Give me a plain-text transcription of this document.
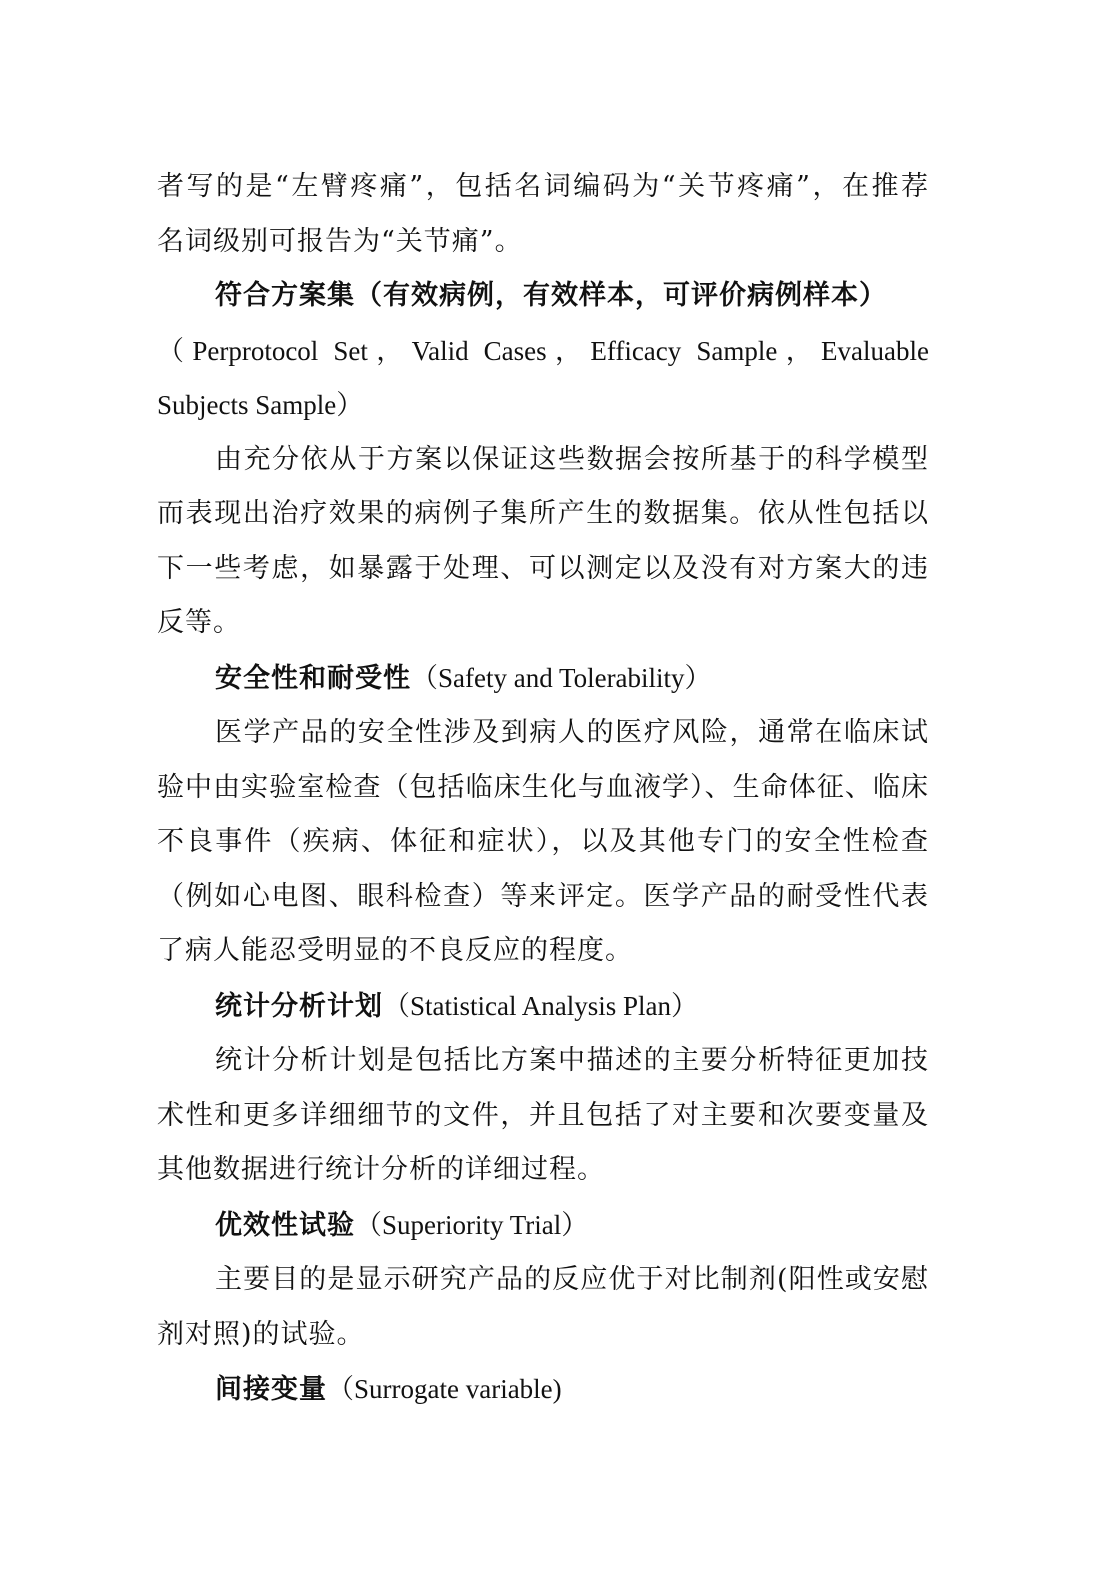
者写的是“左臂疼痛”，包括名词编码为“关节疼痛”，在推荐

名词级别可报告为“关节痛”。

符合方案集（有效病例，有效样本，可评价病例样本）

（Perprotocol Set，Valid Cases，Efficacy Sample，Evaluable

Subjects Sample）

由充分依从于方案以保证这些数据会按所基于的科学模型而表现出治疗效果的病例子集所产生的数据集。依从性包括以下一些考虑，如暴露于处理、可以测定以及没有对方案大的违反等。

安全性和耐受性（Safety and Tolerability）

医学产品的安全性涉及到病人的医疗风险，通常在临床试验中由实验室检查（包括临床生化与血液学）、生命体征、临床不良事件（疾病、体征和症状），以及其他专门的安全性检查（例如心电图、眼科检查）等来评定。医学产品的耐受性代表了病人能忍受明显的不良反应的程度。

统计分析计划（Statistical Analysis Plan）

统计分析计划是包括比方案中描述的主要分析特征更加技术性和更多详细细节的文件，并且包括了对主要和次要变量及其他数据进行统计分析的详细过程。

优效性试验（Superiority Trial）

主要目的是显示研究产品的反应优于对比制剂(阳性或安慰剂对照)的试验。

间接变量（Surrogate variable)
